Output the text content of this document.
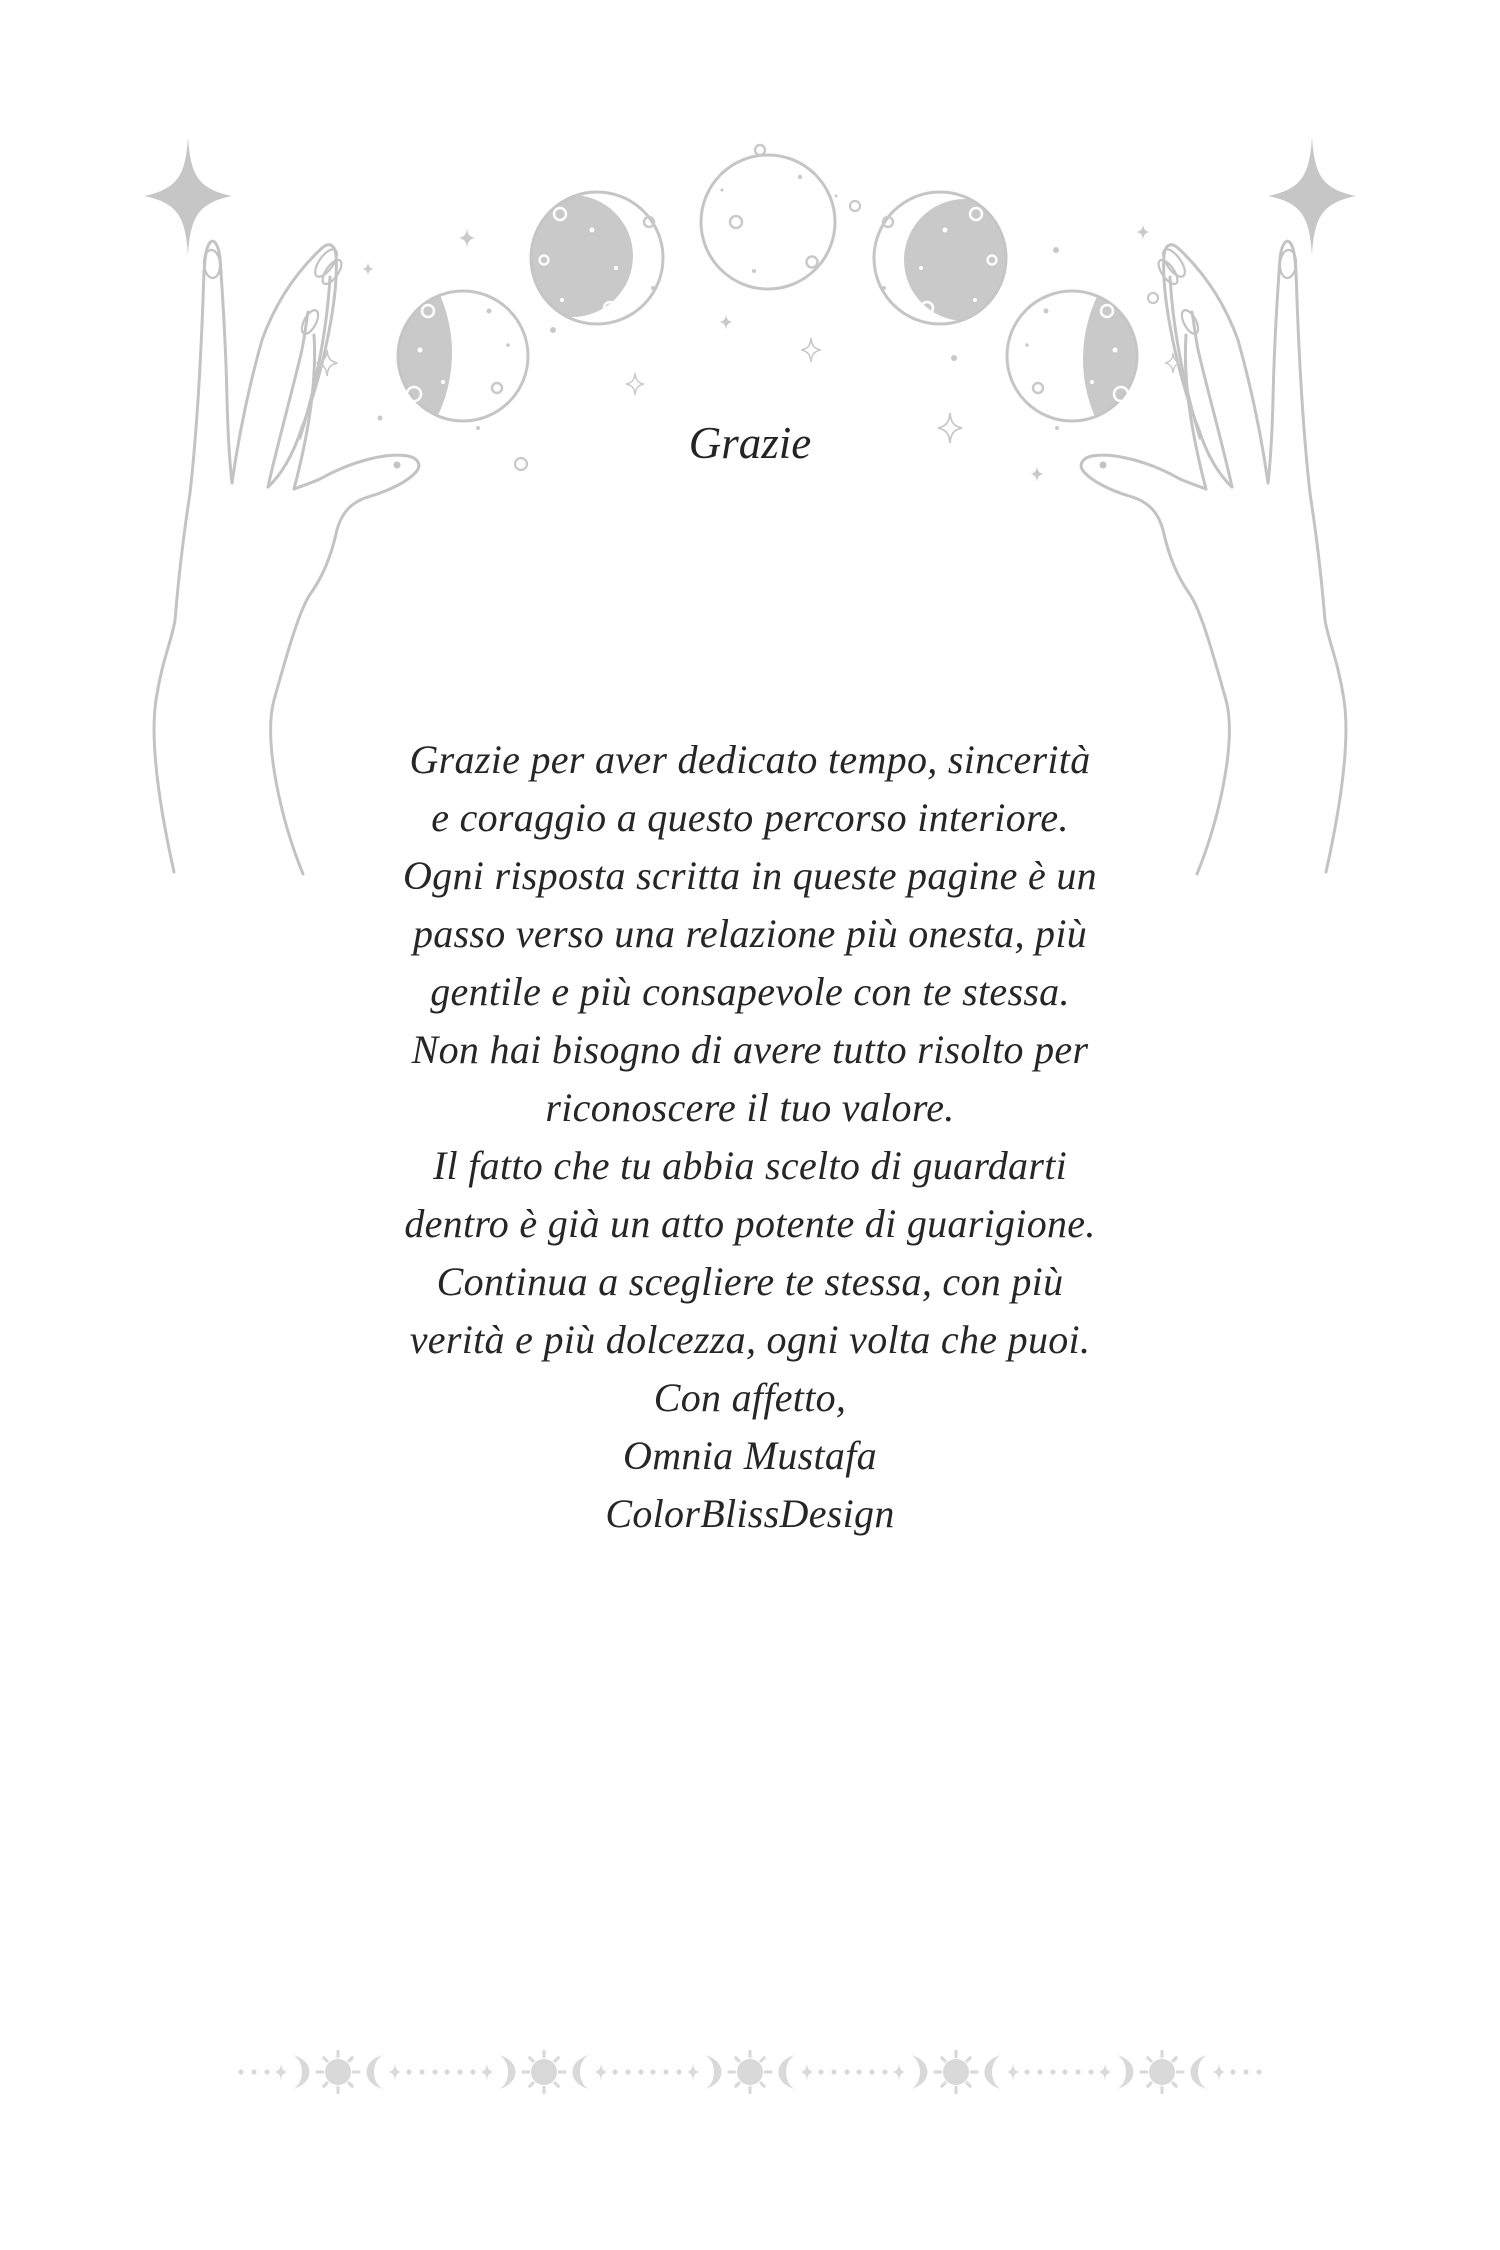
Grazie
Grazie per aver dedicato tempo, sincerità
e coraggio a questo percorso interiore.
Ogni risposta scritta in queste pagine è un
passo verso una relazione più onesta, più
gentile e più consapevole con te stessa.
Non hai bisogno di avere tutto risolto per
riconoscere il tuo valore.
Il fatto che tu abbia scelto di guardarti
dentro è già un atto potente di guarigione.
Continua a scegliere te stessa, con più
verità e più dolcezza, ogni volta che puoi.
Con affetto,
Omnia Mustafa
ColorBlissDesign
